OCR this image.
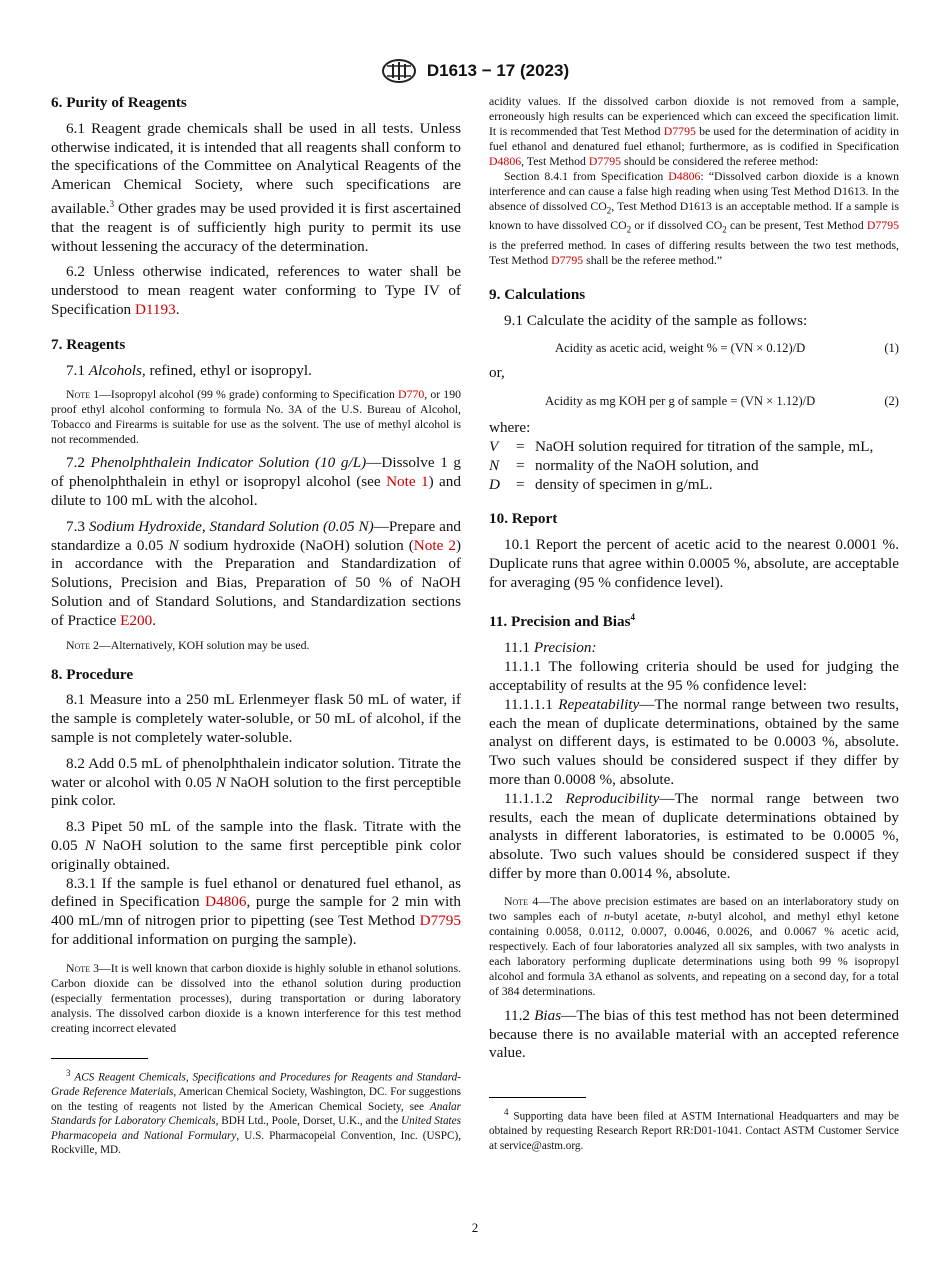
D1613 − 17 (2023)
6. Purity of Reagents

6.1 Reagent grade chemicals shall be used in all tests. Unless otherwise indicated, it is intended that all reagents shall conform to the specifications of the Committee on Analytical Reagents of the American Chemical Society, where such specifications are available.$^3$ Other grades may be used provided it is first ascertained that the reagent is of sufficiently high purity to permit its use without lessening the accuracy of the determination.

6.2 Unless otherwise indicated, references to water shall be understood to mean reagent water conforming to Type IV of Specification D1193.

7. Reagents

7.1 Alcohols, refined, ethyl or isopropyl.

Note 1—Isopropyl alcohol (99 % grade) conforming to Specification D770, or 190 proof ethyl alcohol conforming to formula No. 3A of the U.S. Bureau of Alcohol, Tobacco and Firearms is suitable for use as the solvent. The use of methyl alcohol is not recommended.

7.2 Phenolphthalein Indicator Solution (10 g/L)—Dissolve 1 g of phenolphthalein in ethyl or isopropyl alcohol (see Note 1) and dilute to 100 mL with the alcohol.

7.3 Sodium Hydroxide, Standard Solution (0.05 N)—Prepare and standardize a 0.05 N sodium hydroxide (NaOH) solution (Note 2) in accordance with the Preparation and Standardization of Solutions, Precision and Bias, Preparation of 50 % of NaOH Solution and of Standard Solutions, and Standardization sections of Practice E200.

Note 2—Alternatively, KOH solution may be used.

8. Procedure

8.1 Measure into a 250 mL Erlenmeyer flask 50 mL of water, if the sample is completely water-soluble, or 50 mL of alcohol, if the sample is not completely water-soluble.

8.2 Add 0.5 mL of phenolphthalein indicator solution. Titrate the water or alcohol with 0.05 N NaOH solution to the first perceptible pink color.

8.3 Pipet 50 mL of the sample into the flask. Titrate with the 0.05 N NaOH solution to the same first perceptible pink color originally obtained.

8.3.1 If the sample is fuel ethanol or denatured fuel ethanol, as defined in Specification D4806, purge the sample for 2 min with 400 mL/mn of nitrogen prior to pipetting (see Test Method D7795 for additional information on purging the sample).

Note 3—It is well known that carbon dioxide is highly soluble in ethanol solutions. Carbon dioxide can be dissolved into the ethanol solution during production (especially fermentation processes), during transportation or during laboratory analysis. The dissolved carbon dioxide is a known interference for this test method creating incorrect elevated

$^3$ ACS Reagent Chemicals, Specifications and Procedures for Reagents and Standard-Grade Reference Materials, American Chemical Society, Washington, DC. For suggestions on the testing of reagents not listed by the American Chemical Society, see Analar Standards for Laboratory Chemicals, BDH Ltd., Poole, Dorset, U.K., and the United States Pharmacopeia and National Formulary, U.S. Pharmacopeial Convention, Inc. (USPC), Rockville, MD.

acidity values. If the dissolved carbon dioxide is not removed from a sample, erroneously high results can be experienced which can exceed the specification limit. It is recommended that Test Method D7795 be used for the determination of acidity in fuel ethanol and denatured fuel ethanol; furthermore, as is codified in Specification D4806, Test Method D7795 should be considered the referee method:

Section 8.4.1 from Specification D4806: “Dissolved carbon dioxide is a known interference and can cause a false high reading when using Test Method D1613. In the absence of dissolved $CO_2$, Test Method D1613 is an acceptable method. If a sample is known to have dissolved $CO_2$ or if dissolved $CO_2$ can be present, Test Method D7795 is the preferred method. In cases of differing results between the two test methods, Test Method D7795 shall be the referee method.”

9. Calculations

9.1 Calculate the acidity of the sample as follows:

Acidity as acetic acid, weight % = (VN × 0.12)/D	(1)

or,

Acidity as mg KOH per g of sample = (VN × 1.12)/D	(2)

where:

V = NaOH solution required for titration of the sample, mL,

N = normality of the NaOH solution, and

D = density of specimen in g/mL.

10. Report

10.1 Report the percent of acetic acid to the nearest 0.0001 %. Duplicate runs that agree within 0.0005 %, absolute, are acceptable for averaging (95 % confidence level).

11. Precision and Bias$^4$

11.1 Precision:

11.1.1 The following criteria should be used for judging the acceptability of results at the 95 % confidence level:

11.1.1.1 Repeatability—The normal range between two results, each the mean of duplicate determinations, obtained by the same analyst on different days, is estimated to be 0.0003 %, absolute. Two such values should be considered suspect if they differ by more than 0.0008 %, absolute.

11.1.1.2 Reproducibility—The normal range between two results, each the mean of duplicate determinations obtained by analysts in different laboratories, is estimated to be 0.0005 %, absolute. Two such values should be considered suspect if they differ by more than 0.0014 %, absolute.

Note 4—The above precision estimates are based on an interlaboratory study on two samples each of n-butyl acetate, n-butyl alcohol, and methyl ethyl ketone containing 0.0058, 0.0112, 0.0007, 0.0046, 0.0026, and 0.0067 % acetic acid, respectively. Each of four laboratories analyzed all six samples, with two analysts in each laboratory performing duplicate determinations using both 99 % isopropyl alcohol and formula 3A ethanol as solvents, and repeating on a second day, for a total of 384 determinations.

11.2 Bias—The bias of this test method has not been determined because there is no available material with an accepted reference value.

$^4$ Supporting data have been filed at ASTM International Headquarters and may be obtained by requesting Research Report RR:D01-1041. Contact ASTM Customer Service at service@astm.org.

2
